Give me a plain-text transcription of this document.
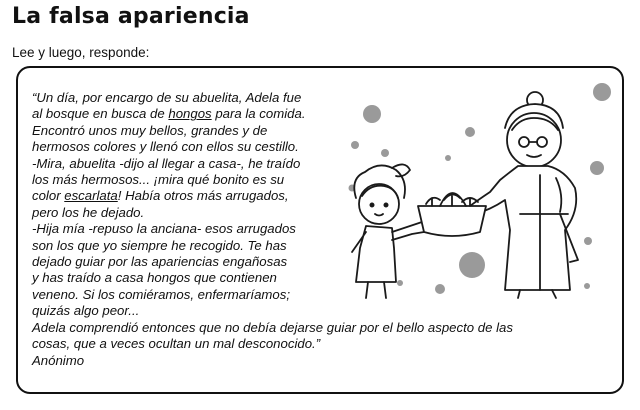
La falsa apariencia
Lee y luego, responde:
“Un día, por encargo de su abuelita, Adela fue
al bosque en busca de hongos para la comida.
Encontró unos muy bellos, grandes y de
hermosos colores y llenó con ellos su cestillo.
-Mira, abuelita -dijo al llegar a casa-, he traído
los más hermosos... ¡mira qué bonito es su
color escarlata! Había otros más arrugados,
pero los he dejado.
-Hija mía -repuso la anciana- esos arrugados
son los que yo siempre he recogido. Te has
dejado guiar por las apariencias engañosas
y has traído a casa hongos que contienen
veneno. Si los comiéramos, enfermaríamos;
quizás algo peor...
Adela comprendió entonces que no debía dejarse guiar por el bello aspecto de las
cosas, que a veces ocultan un mal desconocido.”
Anónimo
